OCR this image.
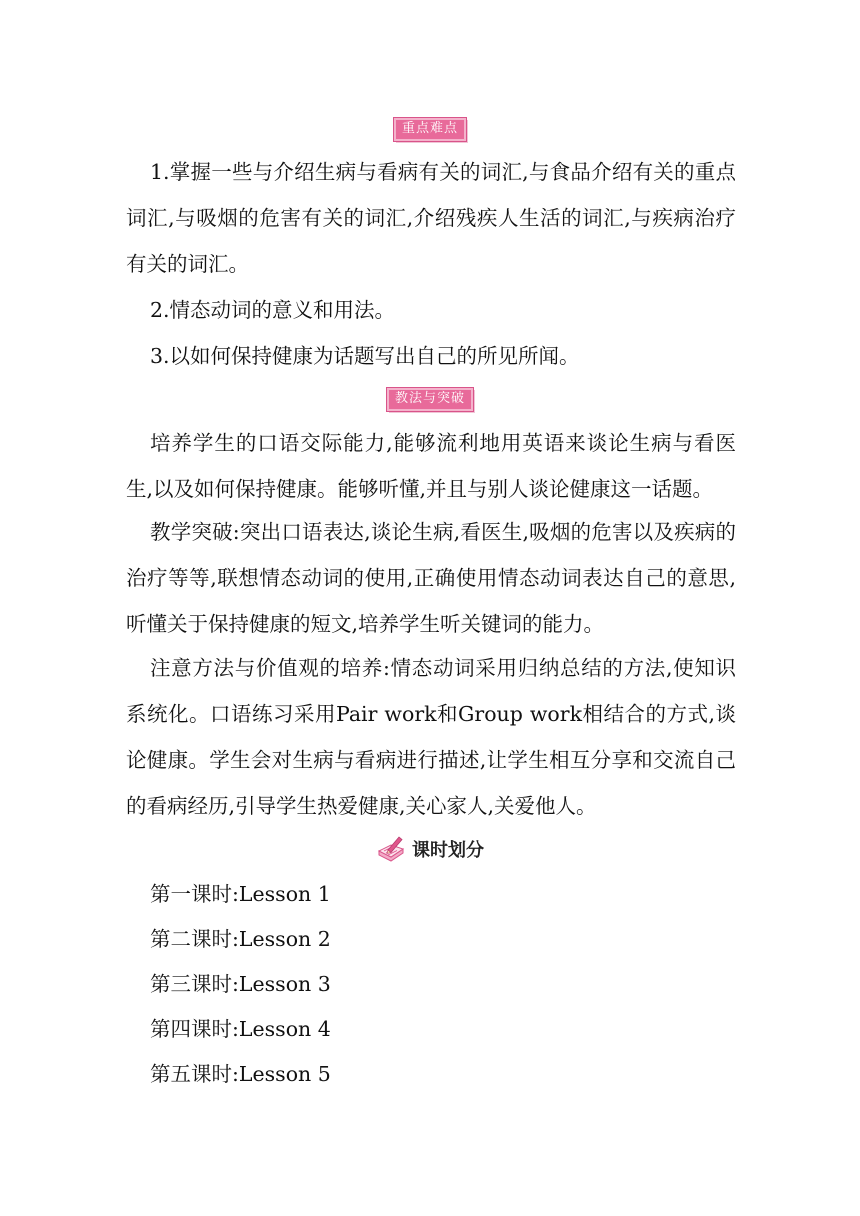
重点难点

1.掌握一些与介绍生病与看病有关的词汇,与食品介绍有关的重点词汇,与吸烟的危害有关的词汇,介绍残疾人生活的词汇,与疾病治疗有关的词汇。

2.情态动词的意义和用法。

3.以如何保持健康为话题写出自己的所见所闻。

教法与突破

培养学生的口语交际能力,能够流利地用英语来谈论生病与看医生,以及如何保持健康。能够听懂,并且与别人谈论健康这一话题。

教学突破:突出口语表达,谈论生病,看医生,吸烟的危害以及疾病的治疗等等,联想情态动词的使用,正确使用情态动词表达自己的意思,听懂关于保持健康的短文,培养学生听关键词的能力。

注意方法与价值观的培养:情态动词采用归纳总结的方法,使知识系统化。口语练习采用Pair work和Group work相结合的方式,谈论健康。学生会对生病与看病进行描述,让学生相互分享和交流自己的看病经历,引导学生热爱健康,关心家人,关爱他人。

课时划分

第一课时:Lesson 1

第二课时:Lesson 2

第三课时:Lesson 3

第四课时:Lesson 4

第五课时:Lesson 5
